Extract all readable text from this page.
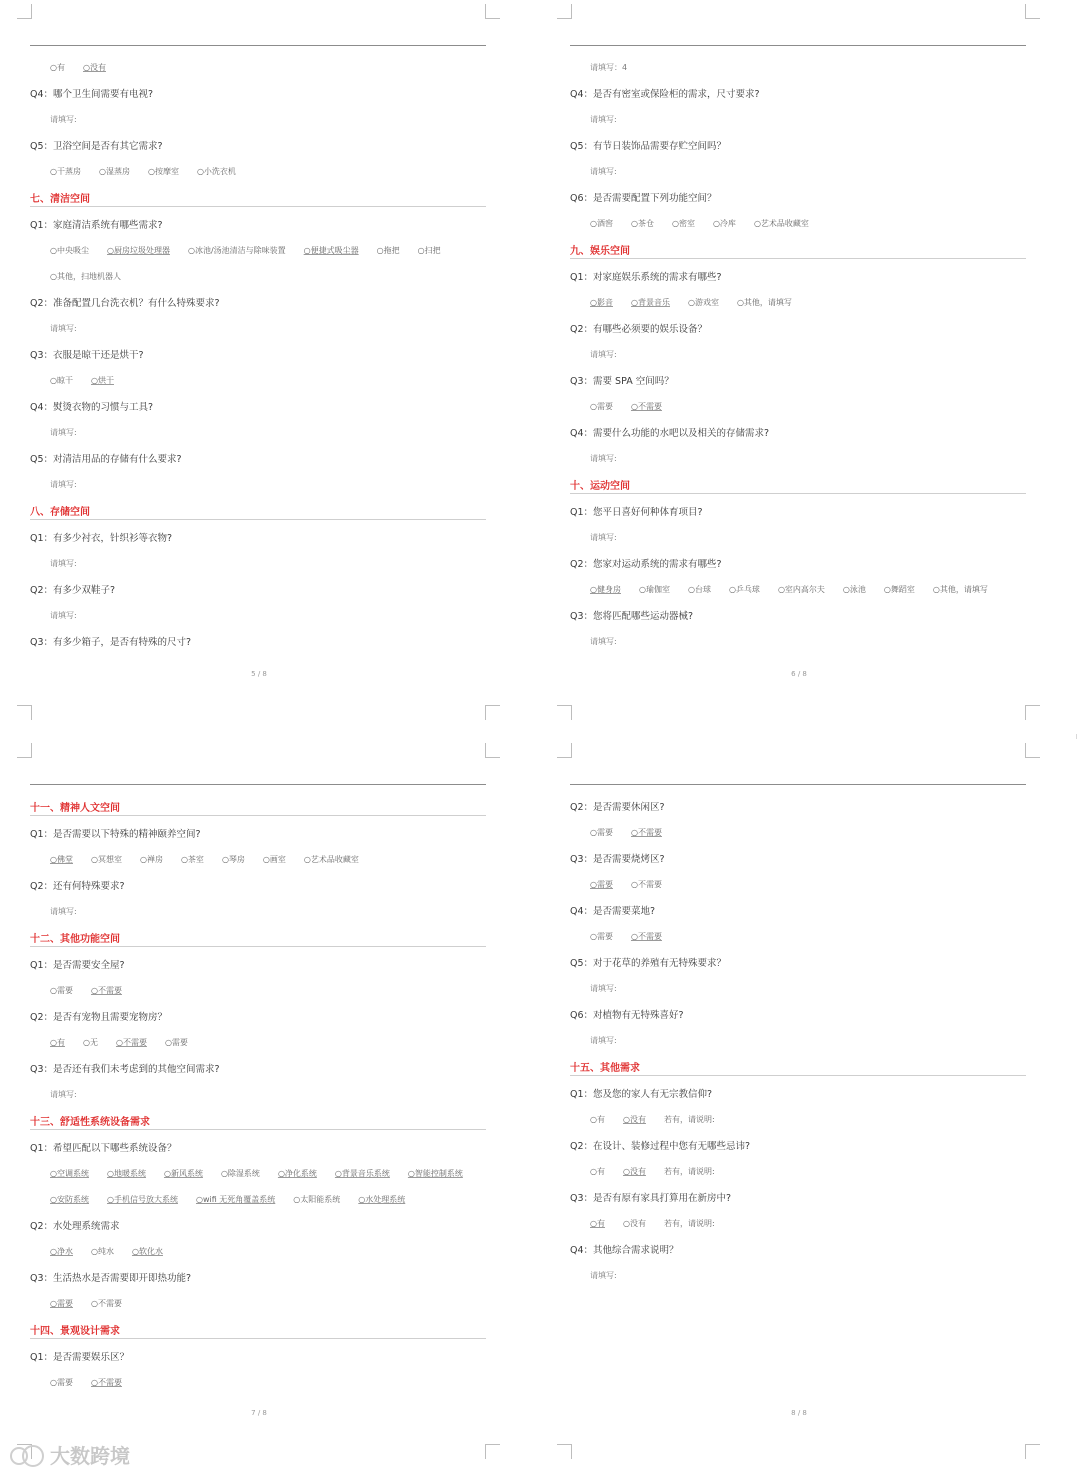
○有 ○没有
Q4：哪个卫生间需要有电视?
请填写:
Q5：卫浴空间是否有其它需求?
○干蒸房 ○湿蒸房 ○按摩室 ○小洗衣机
七、清洁空间
Q1：家庭清洁系统有哪些需求?
○中央吸尘 ○厨房垃圾处理器 ○冰池/汤池清洁与除味装置 ○便捷式吸尘器 ○拖把 ○扫把
○其他，扫地机器人
Q2：准备配置几台洗衣机？有什么特殊要求?
请填写:
Q3：衣服是晾干还是烘干?
○晾干 ○烘干
Q4：熨烫衣物的习惯与工具?
请填写:
Q5：对清洁用品的存储有什么要求?
请填写:
八、存储空间
Q1：有多少衬衣，针织衫等衣物?
请填写:
Q2：有多少双鞋子?
请填写:
Q3：有多少箱子，是否有特殊的尺寸?
5 / 8
请填写：4
Q4：是否有密室或保险柜的需求，尺寸要求?
请填写:
Q5：有节日装饰品需要存贮空间吗？
请填写:
Q6：是否需要配置下列功能空间？
○酒窖 ○茶仓 ○密室 ○冷库 ○艺术品收藏室
九、娱乐空间
Q1：对家庭娱乐系统的需求有哪些?
○影音 ○背景音乐 ○游戏室 ○其他，请填写
Q2：有哪些必须要的娱乐设备？
请填写:
Q3：需要 SPA 空间吗？
○需要 ○不需要
Q4：需要什么功能的水吧以及相关的存储需求?
请填写:
十、运动空间
Q1：您平日喜好何种体育项目?
请填写:
Q2：您家对运动系统的需求有哪些?
○健身房 ○瑜伽室 ○台球 ○乒乓球 ○室内高尔夫 ○泳池 ○舞蹈室 ○其他，请填写
Q3：您将匹配哪些运动器械?
请填写:
6 / 8
十一、精神人文空间
Q1：是否需要以下特殊的精神颐养空间?
○佛堂 ○冥想室 ○禅房 ○茶室 ○琴房 ○画室 ○艺术品收藏室
Q2：还有何特殊要求?
请填写:
十二、其他功能空间
Q1：是否需要安全屋?
○需要 ○不需要
Q2：是否有宠物且需要宠物房？
○有 ○无 ○不需要 ○需要
Q3：是否还有我们未考虑到的其他空间需求?
请填写:
十三、舒适性系统设备需求
Q1：希望匹配以下哪些系统设备？
○空调系统 ○地暖系统 ○新风系统 ○除湿系统 ○净化系统 ○背景音乐系统 ○智能控制系统
○安防系统 ○手机信号放大系统 ○wifi 无死角覆盖系统 ○太阳能系统 ○水处理系统
Q2：水处理系统需求
○净水 ○纯水 ○软化水
Q3：生活热水是否需要即开即热功能?
○需要 ○不需要
十四、景观设计需求
Q1：是否需要娱乐区？
○需要 ○不需要
7 / 8
Q2：是否需要休闲区?
○需要 ○不需要
Q3：是否需要烧烤区?
○需要 ○不需要
Q4：是否需要菜地?
○需要 ○不需要
Q5：对于花草的养殖有无特殊要求？
请填写:
Q6：对植物有无特殊喜好?
请填写:
十五、其他需求
Q1：您及您的家人有无宗教信仰?
○有 ○没有 若有，请说明:
Q2：在设计、装修过程中您有无哪些忌讳?
○有 ○没有 若有，请说明:
Q3：是否有原有家具打算用在新房中?
○有 ○没有 若有，请说明:
Q4：其他综合需求说明？
请填写:
8 / 8
大数跨境
